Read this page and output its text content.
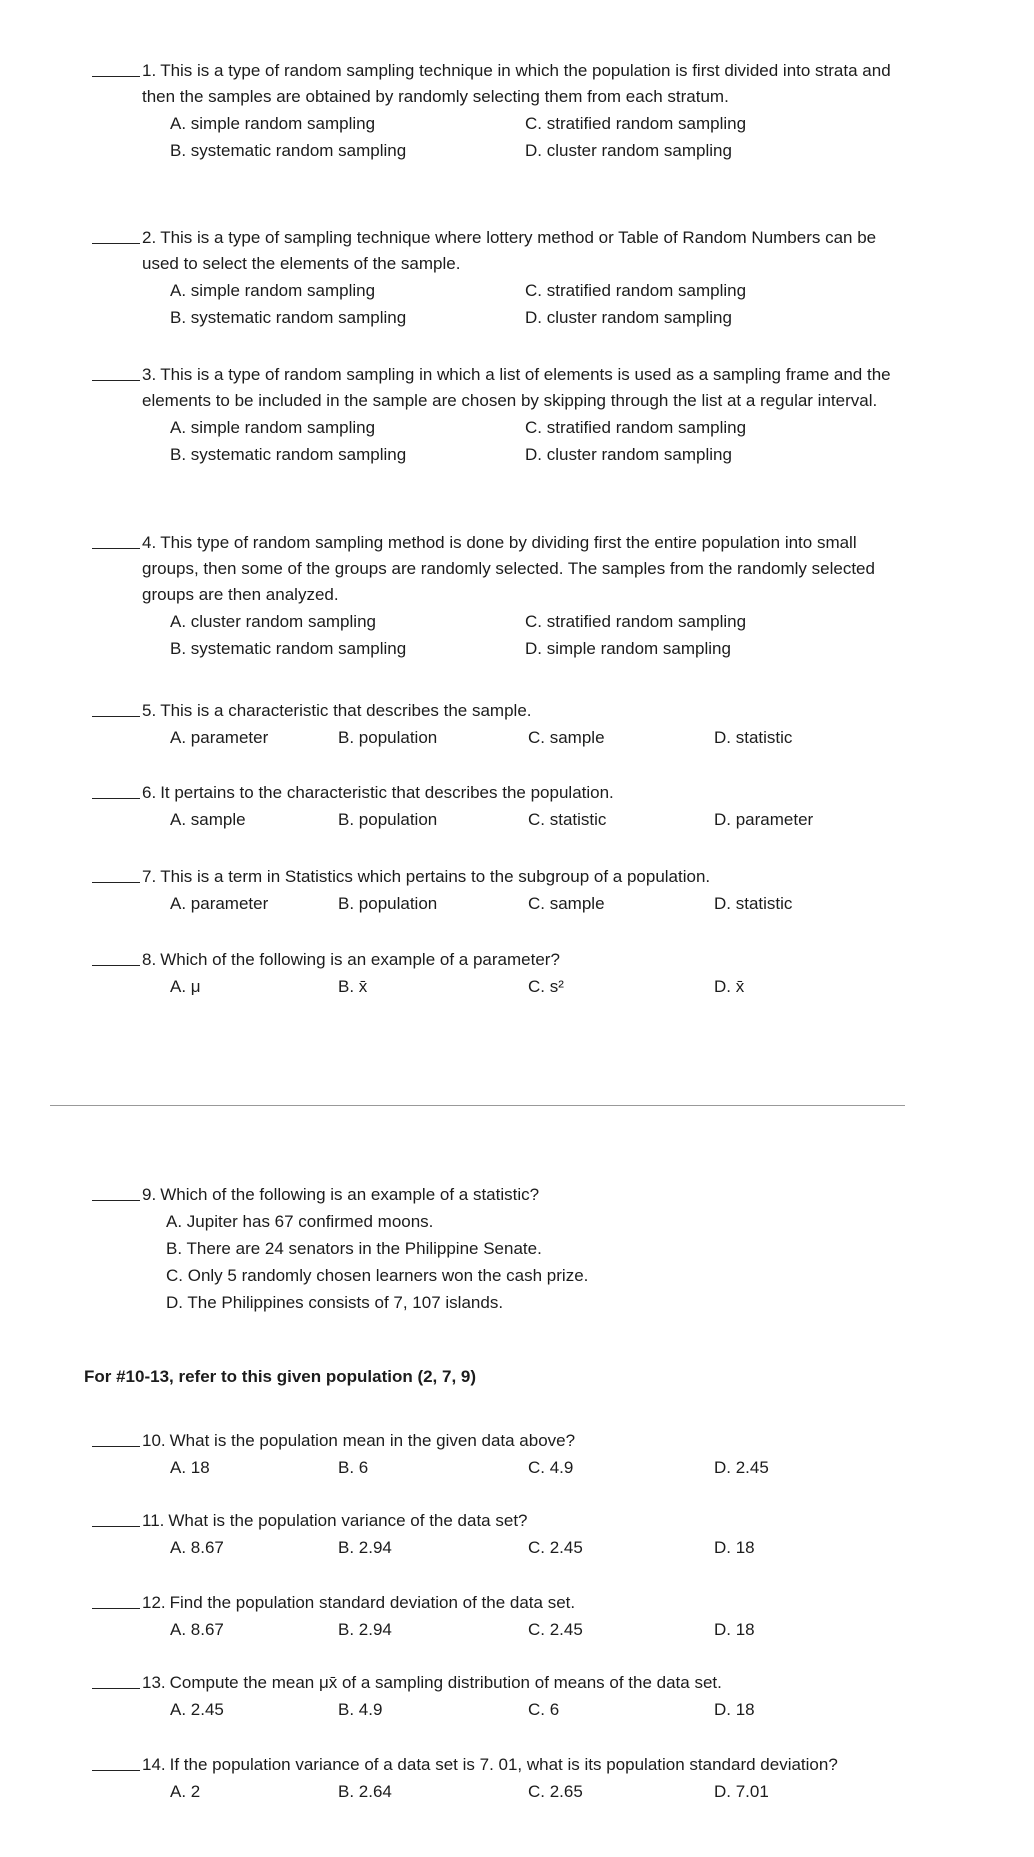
1. This is a type of random sampling technique in which the population is first divided into strata and then the samples are obtained by randomly selecting them from each stratum.
A. simple random sampling	C. stratified random sampling
B. systematic random sampling	D. cluster random sampling
2. This is a type of sampling technique where lottery method or Table of Random Numbers can be used to select the elements of the sample.
A. simple random sampling	C. stratified random sampling
B. systematic random sampling	D. cluster random sampling
3. This is a type of random sampling in which a list of elements is used as a sampling frame and the elements to be included in the sample are chosen by skipping through the list at a regular interval.
A. simple random sampling	C. stratified random sampling
B. systematic random sampling	D. cluster random sampling
4. This type of random sampling method is done by dividing first the entire population into small groups, then some of the groups are randomly selected. The samples from the randomly selected groups are then analyzed.
A. cluster random sampling	C. stratified random sampling
B. systematic random sampling	D. simple random sampling
5. This is a characteristic that describes the sample.
A. parameter	B. population	C. sample	D. statistic
6. It pertains to the characteristic that describes the population.
A. sample	B. population	C. statistic	D. parameter
7. This is a term in Statistics which pertains to the subgroup of a population.
A. parameter	B. population	C. sample	D. statistic
8. Which of the following is an example of a parameter?
A. μ	B. x̄	C. s²	D. x̄
9. Which of the following is an example of a statistic?
A. Jupiter has 67 confirmed moons.
B. There are 24 senators in the Philippine Senate.
C. Only 5 randomly chosen learners won the cash prize.
D. The Philippines consists of 7, 107 islands.
For #10-13, refer to this given population (2, 7, 9)
10. What is the population mean in the given data above?
A. 18	B. 6	C. 4.9	D. 2.45
11. What is the population variance of the data set?
A. 8.67	B. 2.94	C. 2.45	D. 18
12. Find the population standard deviation of the data set.
A. 8.67	B. 2.94	C. 2.45	D. 18
13. Compute the mean μx̄ of a sampling distribution of means of the data set.
A. 2.45	B. 4.9	C. 6	D. 18
14. If the population variance of a data set is 7. 01, what is its population standard deviation?
A. 2	B. 2.64	C. 2.65	D. 7.01
